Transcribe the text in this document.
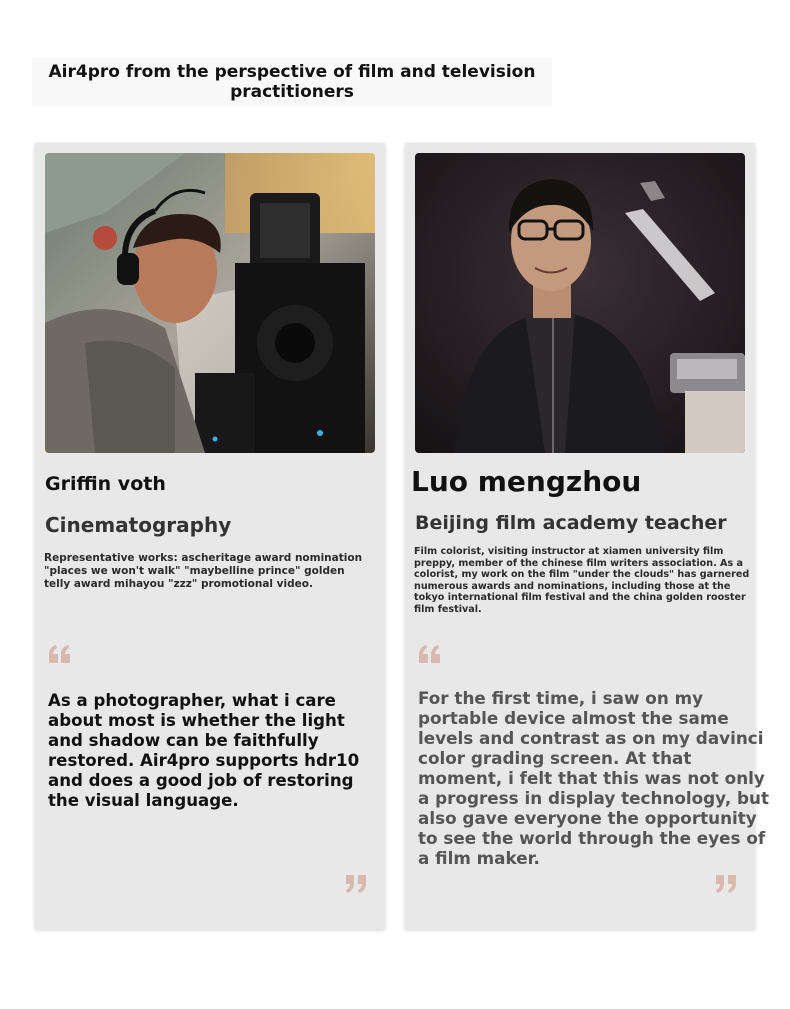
Air4pro from the perspective of film and television practitioners
Griffin voth
Cinematography
Representative works: ascheritage award nomination "places we won't walk" "maybelline prince" golden telly award mihayou "zzz" promotional video.
As a photographer, what i care about most is whether the light and shadow can be faithfully restored. Air4pro supports hdr10 and does a good job of restoring the visual language.
Luo mengzhou
Beijing film academy teacher
Film colorist, visiting instructor at xiamen university film preppy, member of the chinese film writers association. As a colorist, my work on the film "under the clouds" has garnered numerous awards and nominations, including those at the tokyo international film festival and the china golden rooster film festival.
For the first time, i saw on my portable device almost the same levels and contrast as on my davinci color grading screen. At that moment, i felt that this was not only a progress in display technology, but also gave everyone the opportunity to see the world through the eyes of a film maker.
